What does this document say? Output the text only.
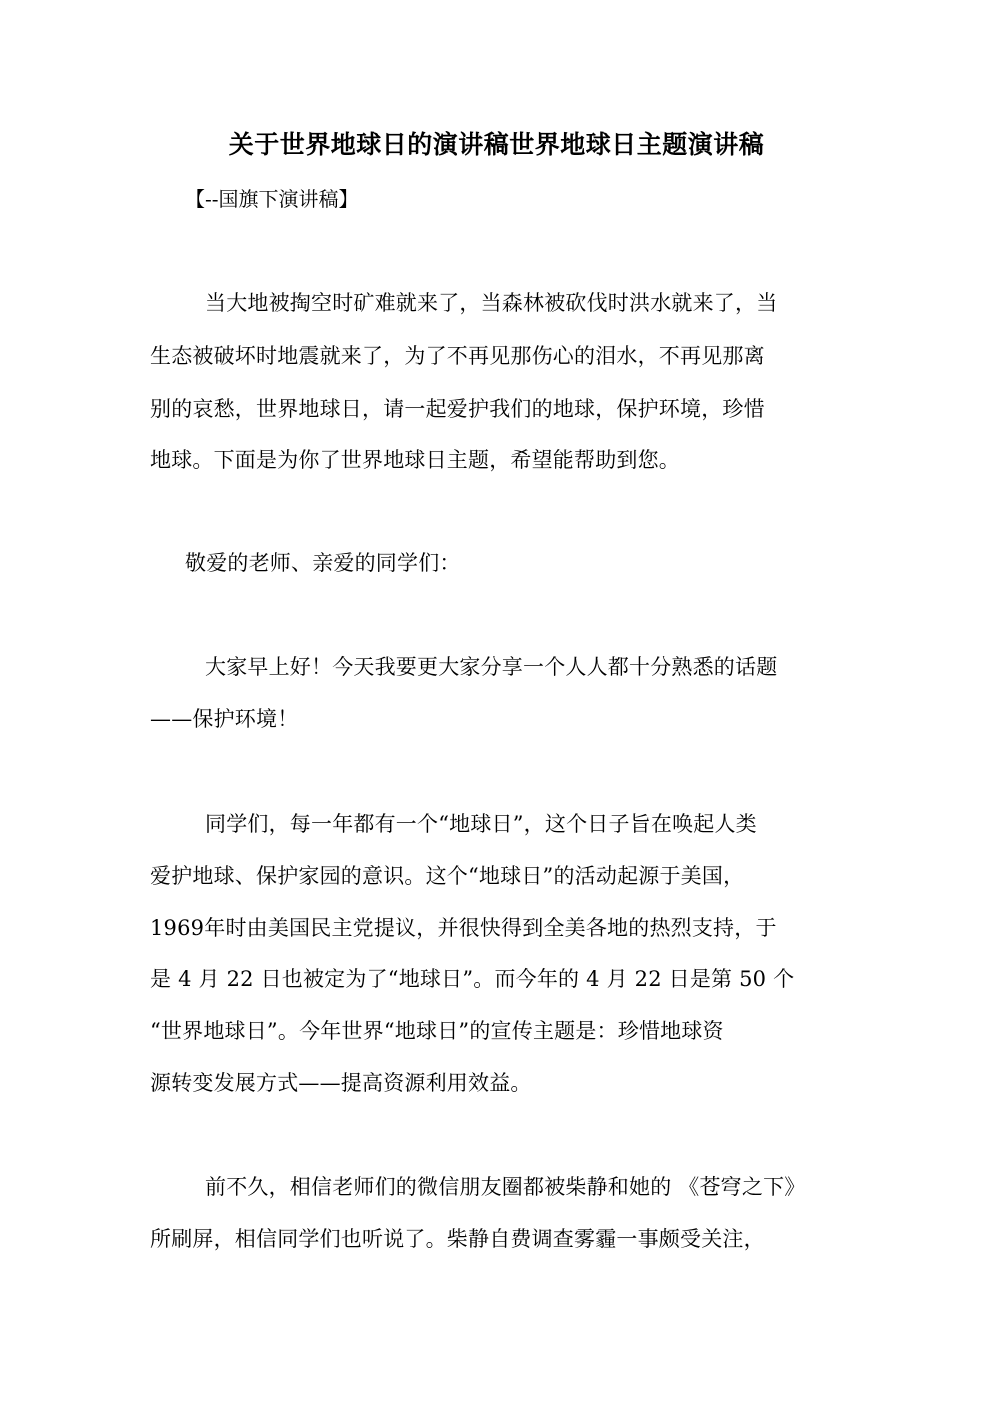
关于世界地球日的演讲稿世界地球日主题演讲稿
【--国旗下演讲稿】
当大地被掏空时矿难就来了，当森林被砍伐时洪水就来了，当
生态被破坏时地震就来了，为了不再见那伤心的泪水，不再见那离
别的哀愁，世界地球日，请一起爱护我们的地球，保护环境，珍惜
地球。下面是为你了世界地球日主题，希望能帮助到您。
敬爱的老师、亲爱的同学们：
大家早上好！今天我要更大家分享一个人人都十分熟悉的话题
——保护环境！
同学们，每一年都有一个“地球日”，这个日子旨在唤起人类
爱护地球、保护家园的意识。这个“地球日”的活动起源于美国，
1969年时由美国民主党提议，并很快得到全美各地的热烈支持，于
是 4 月 22 日也被定为了“地球日”。而今年的 4 月 22 日是第 50 个
“世界地球日”。今年世界“地球日”的宣传主题是：珍惜地球资
源转变发展方式——提高资源利用效益。
前不久，相信老师们的微信朋友圈都被柴静和她的 《苍穹之下》
所刷屏，相信同学们也听说了。柴静自费调查雾霾一事颇受关注，
